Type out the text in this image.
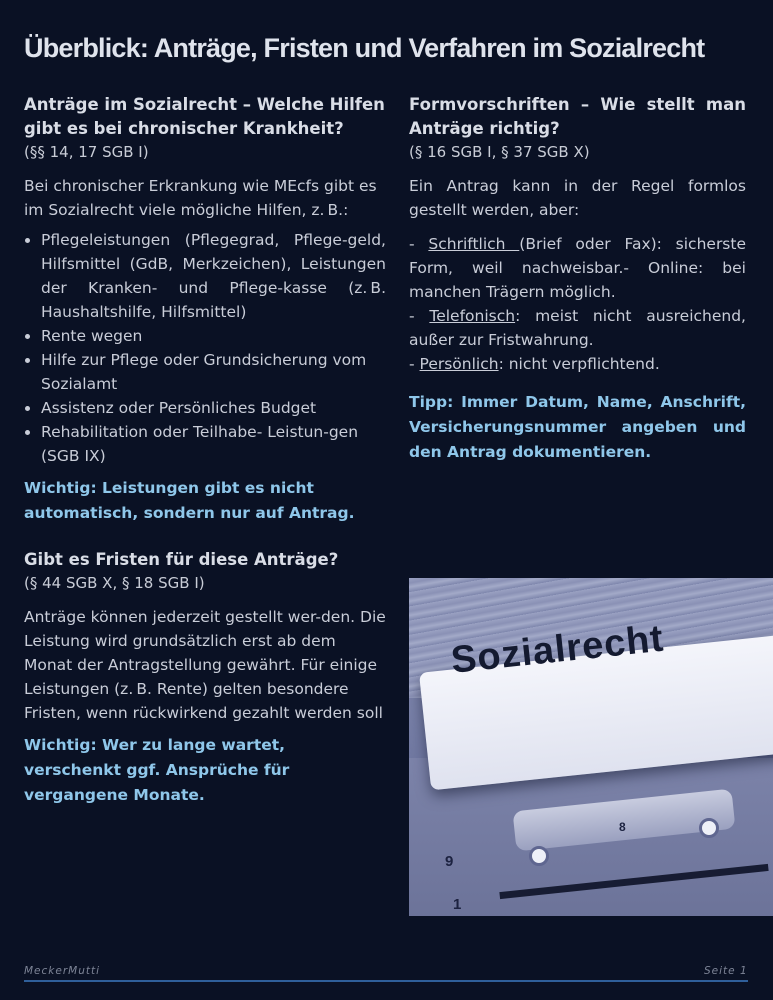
Überblick: Anträge, Fristen und Verfahren im Sozialrecht
Anträge im Sozialrecht – Welche Hilfen gibt es bei chronischer Krankheit?
(§§ 14, 17 SGB I)

Bei chronischer Erkrankung wie MEcfs gibt es im Sozialrecht viele mögliche Hilfen, z. B.:

• Pflegeleistungen (Pflegegrad, Pflege-geld, Hilfsmittel (GdB, Merkzeichen), Leistungen der Kranken- und Pflege-kasse (z. B. Haushaltshilfe, Hilfsmittel)
• Rente wegen
• Hilfe zur Pflege oder Grundsicherung vom Sozialamt
• Assistenz oder Persönliches Budget
• Rehabilitation oder Teilhabe- Leistun-gen (SGB IX)
Wichtig: Leistungen gibt es nicht automatisch, sondern nur auf Antrag.
Gibt es Fristen für diese Anträge?
(§ 44 SGB X, § 18 SGB I)

Anträge können jederzeit gestellt wer-den. Die Leistung wird grundsätzlich erst ab dem Monat der Antragstellung gewährt. Für einige Leistungen (z. B. Rente) gelten besondere Fristen, wenn rückwirkend gezahlt werden soll

Wichtig: Wer zu lange wartet, verschenkt ggf. Ansprüche für vergangene Monate.
Formvorschriften – Wie stellt man Anträge richtig?
(§ 16 SGB I, § 37 SGB X)

Ein Antrag kann in der Regel formlos gestellt werden, aber:

- Schriftlich (Brief oder Fax): sicherste Form, weil nachweisbar.- Online: bei manchen Trägern möglich.
- Telefonisch: meist nicht ausreichend, außer zur Fristwahrung.
- Persönlich: nicht verpflichtend.
Tipp: Immer Datum, Name, Anschrift, Versicherungsnummer angeben und den Antrag dokumentieren.
Sozialrecht
9
1
8
MeckerMutti	Seite 1
